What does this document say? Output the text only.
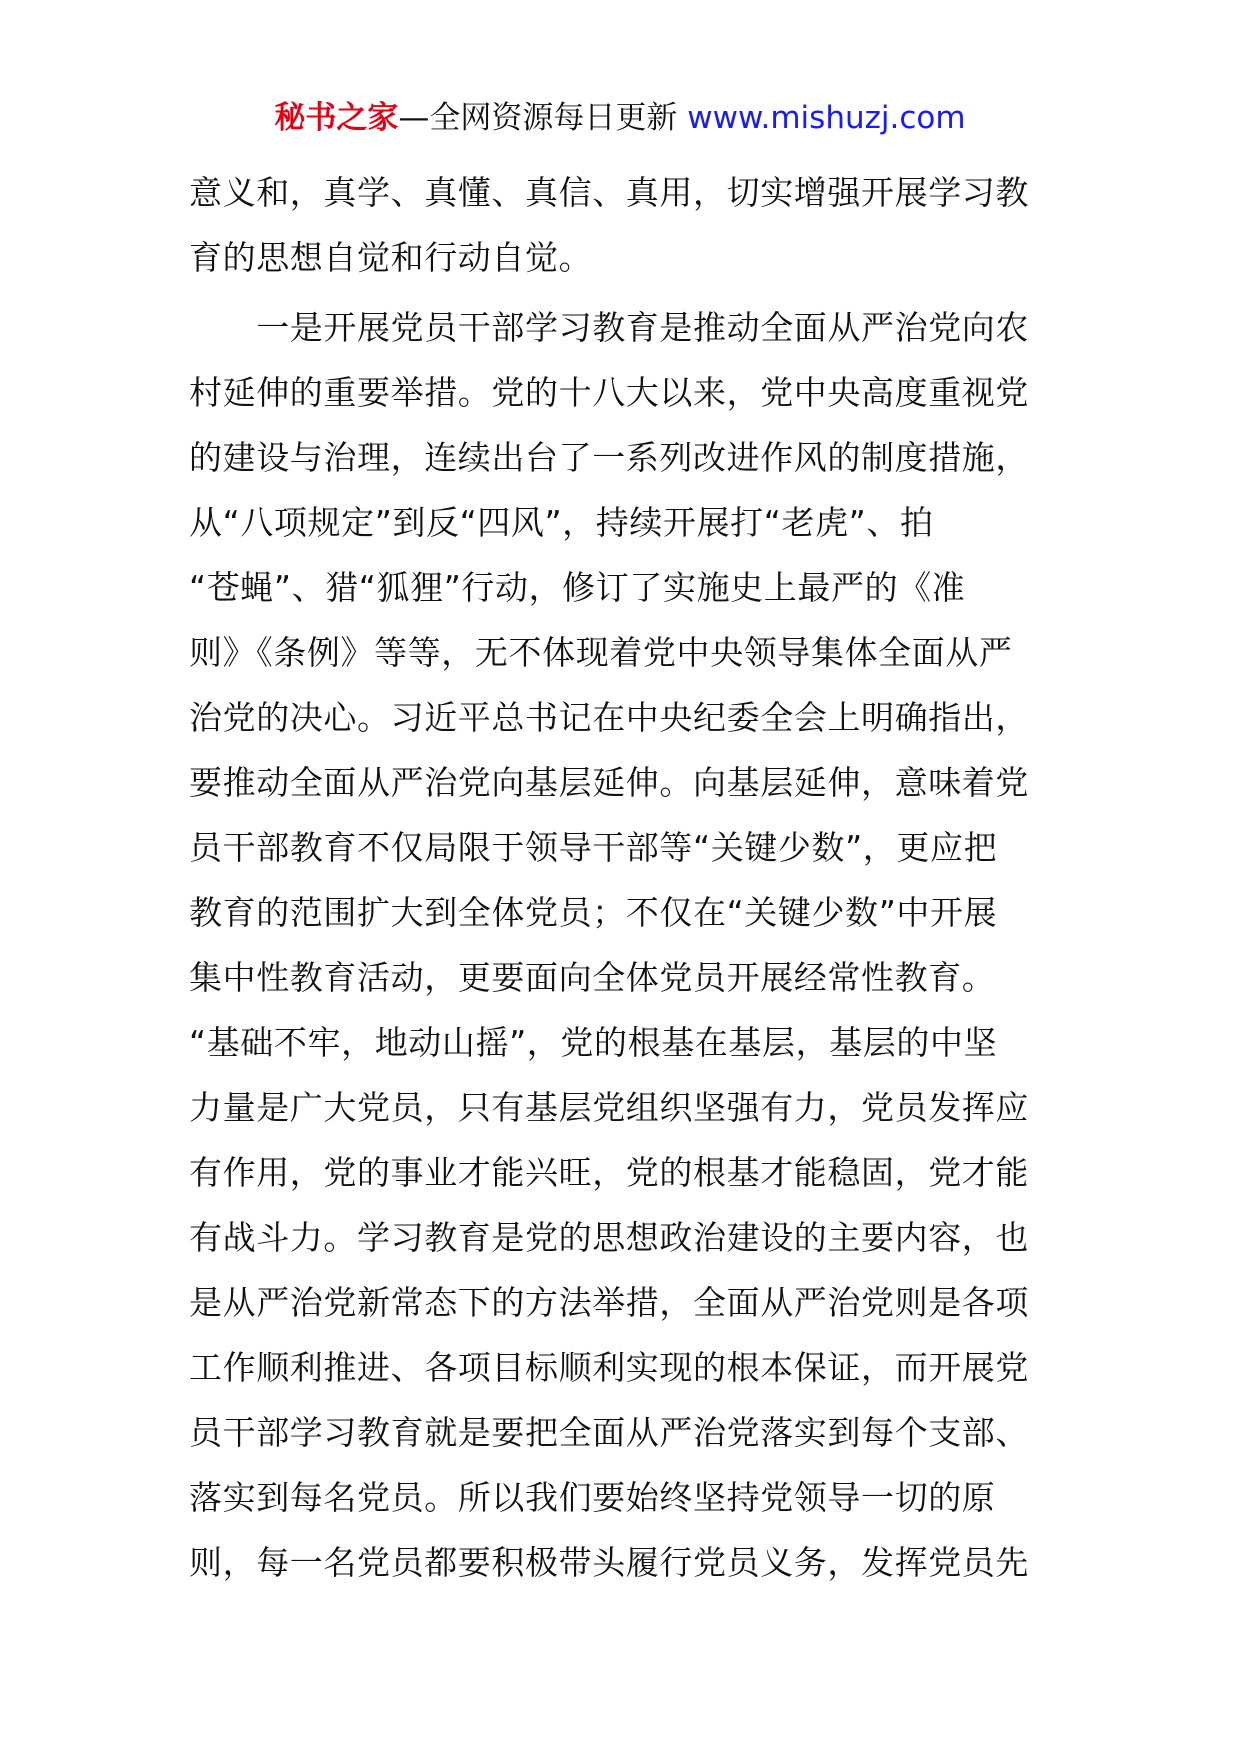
秘书之家—全网资源每日更新 www.mishuzj.com
意义和，真学、真懂、真信、真用，切实增强开展学习教
育的思想自觉和行动自觉。
　　一是开展党员干部学习教育是推动全面从严治党向农
村延伸的重要举措。党的十八大以来，党中央高度重视党
的建设与治理，连续出台了一系列改进作风的制度措施，
从“八项规定”到反“四风”，持续开展打“老虎”、拍
“苍蝇”、猎“狐狸”行动，修订了实施史上最严的《准
则》《条例》等等，无不体现着党中央领导集体全面从严
治党的决心。习近平总书记在中央纪委全会上明确指出，
要推动全面从严治党向基层延伸。向基层延伸，意味着党
员干部教育不仅局限于领导干部等“关键少数”，更应把
教育的范围扩大到全体党员；不仅在“关键少数”中开展
集中性教育活动，更要面向全体党员开展经常性教育。
“基础不牢，地动山摇”，党的根基在基层，基层的中坚
力量是广大党员，只有基层党组织坚强有力，党员发挥应
有作用，党的事业才能兴旺，党的根基才能稳固，党才能
有战斗力。学习教育是党的思想政治建设的主要内容，也
是从严治党新常态下的方法举措，全面从严治党则是各项
工作顺利推进、各项目标顺利实现的根本保证，而开展党
员干部学习教育就是要把全面从严治党落实到每个支部、
落实到每名党员。所以我们要始终坚持党领导一切的原
则，每一名党员都要积极带头履行党员义务，发挥党员先
